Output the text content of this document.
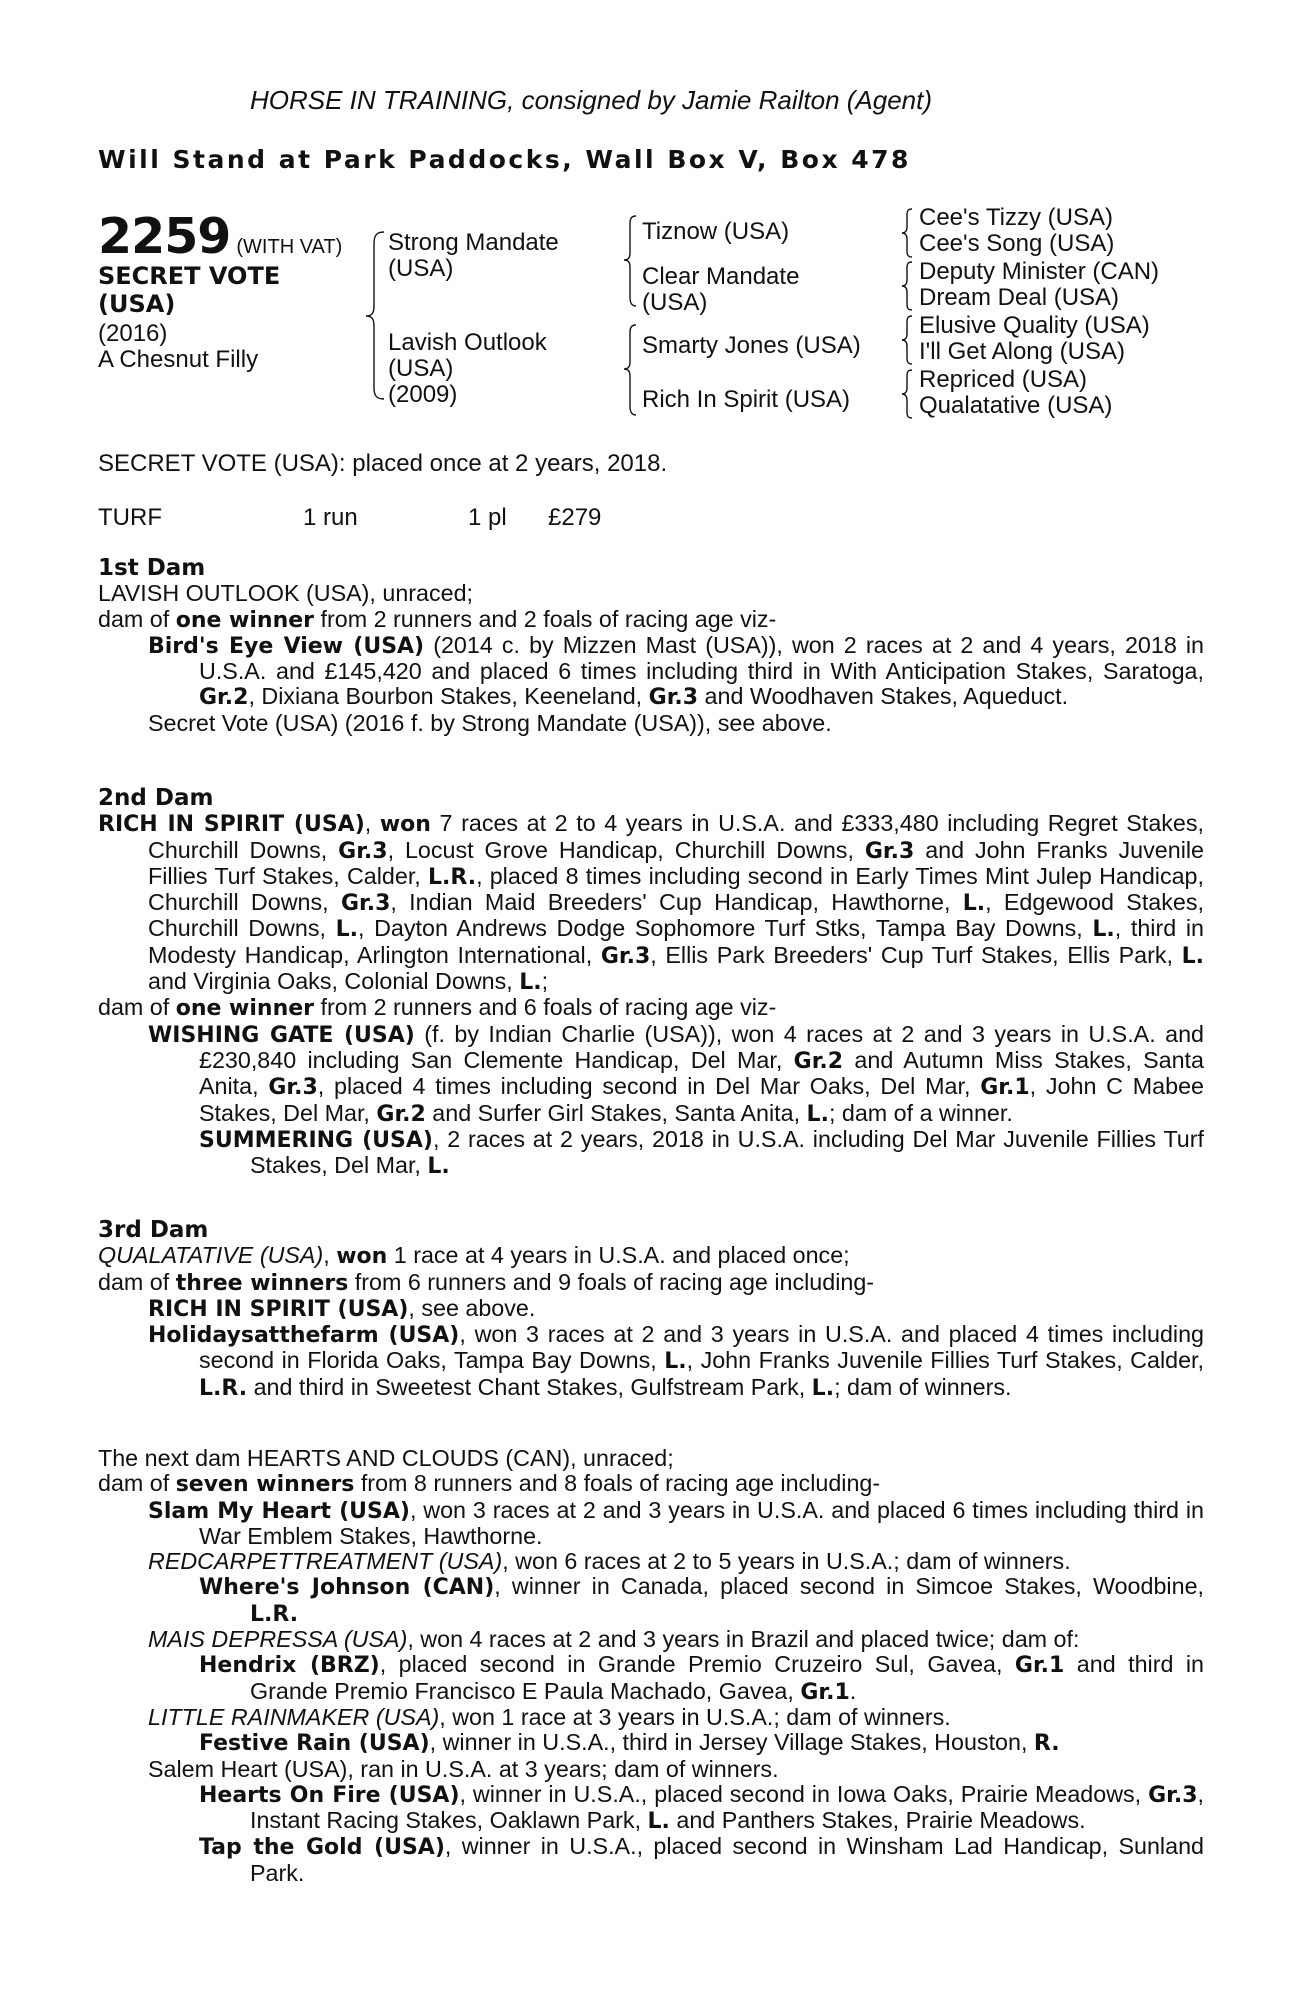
HORSE IN TRAINING, consigned by Jamie Railton (Agent)
Will Stand at Park Paddocks, Wall Box V, Box 478
2259 (WITH VAT)
SECRET VOTE
(USA)
(2016)
A Chesnut Filly
Strong Mandate
(USA)
Lavish Outlook
(USA)
(2009)
Tiznow (USA)
Clear Mandate
(USA)
Smarty Jones (USA)
Rich In Spirit (USA)
Cee's Tizzy (USA)
Cee's Song (USA)
Deputy Minister (CAN)
Dream Deal (USA)
Elusive Quality (USA)
I'll Get Along (USA)
Repriced (USA)
Qualatative (USA)
SECRET VOTE (USA): placed once at 2 years, 2018.
TURF	1 run	1 pl £279
1st Dam
LAVISH OUTLOOK (USA), unraced;
dam of one winner from 2 runners and 2 foals of racing age viz-
Bird's Eye View (USA) (2014 c. by Mizzen Mast (USA)), won 2 races at 2 and 4 years, 2018 in U.S.A. and £145,420 and placed 6 times including third in With Anticipation Stakes, Saratoga, Gr.2, Dixiana Bourbon Stakes, Keeneland, Gr.3 and Woodhaven Stakes, Aqueduct.
Secret Vote (USA) (2016 f. by Strong Mandate (USA)), see above.
2nd Dam
RICH IN SPIRIT (USA), won 7 races at 2 to 4 years in U.S.A. and £333,480 including Regret Stakes, Churchill Downs, Gr.3, Locust Grove Handicap, Churchill Downs, Gr.3 and John Franks Juvenile Fillies Turf Stakes, Calder, L.R., placed 8 times including second in Early Times Mint Julep Handicap, Churchill Downs, Gr.3, Indian Maid Breeders' Cup Handicap, Hawthorne, L., Edgewood Stakes, Churchill Downs, L., Dayton Andrews Dodge Sophomore Turf Stks, Tampa Bay Downs, L., third in Modesty Handicap, Arlington International, Gr.3, Ellis Park Breeders' Cup Turf Stakes, Ellis Park, L. and Virginia Oaks, Colonial Downs, L.;
dam of one winner from 2 runners and 6 foals of racing age viz-
WISHING GATE (USA) (f. by Indian Charlie (USA)), won 4 races at 2 and 3 years in U.S.A. and £230,840 including San Clemente Handicap, Del Mar, Gr.2 and Autumn Miss Stakes, Santa Anita, Gr.3, placed 4 times including second in Del Mar Oaks, Del Mar, Gr.1, John C Mabee Stakes, Del Mar, Gr.2 and Surfer Girl Stakes, Santa Anita, L.; dam of a winner.
SUMMERING (USA), 2 races at 2 years, 2018 in U.S.A. including Del Mar Juvenile Fillies Turf Stakes, Del Mar, L.
3rd Dam
QUALATATIVE (USA), won 1 race at 4 years in U.S.A. and placed once;
dam of three winners from 6 runners and 9 foals of racing age including-
RICH IN SPIRIT (USA), see above.
Holidaysatthefarm (USA), won 3 races at 2 and 3 years in U.S.A. and placed 4 times including second in Florida Oaks, Tampa Bay Downs, L., John Franks Juvenile Fillies Turf Stakes, Calder, L.R. and third in Sweetest Chant Stakes, Gulfstream Park, L.; dam of winners.
The next dam HEARTS AND CLOUDS (CAN), unraced;
dam of seven winners from 8 runners and 8 foals of racing age including-
Slam My Heart (USA), won 3 races at 2 and 3 years in U.S.A. and placed 6 times including third in War Emblem Stakes, Hawthorne.
REDCARPETTREATMENT (USA), won 6 races at 2 to 5 years in U.S.A.; dam of winners.
Where's Johnson (CAN), winner in Canada, placed second in Simcoe Stakes, Woodbine, L.R.
MAIS DEPRESSA (USA), won 4 races at 2 and 3 years in Brazil and placed twice; dam of:
Hendrix (BRZ), placed second in Grande Premio Cruzeiro Sul, Gavea, Gr.1 and third in Grande Premio Francisco E Paula Machado, Gavea, Gr.1.
LITTLE RAINMAKER (USA), won 1 race at 3 years in U.S.A.; dam of winners.
Festive Rain (USA), winner in U.S.A., third in Jersey Village Stakes, Houston, R.
Salem Heart (USA), ran in U.S.A. at 3 years; dam of winners.
Hearts On Fire (USA), winner in U.S.A., placed second in Iowa Oaks, Prairie Meadows, Gr.3, Instant Racing Stakes, Oaklawn Park, L. and Panthers Stakes, Prairie Meadows.
Tap the Gold (USA), winner in U.S.A., placed second in Winsham Lad Handicap, Sunland Park.
